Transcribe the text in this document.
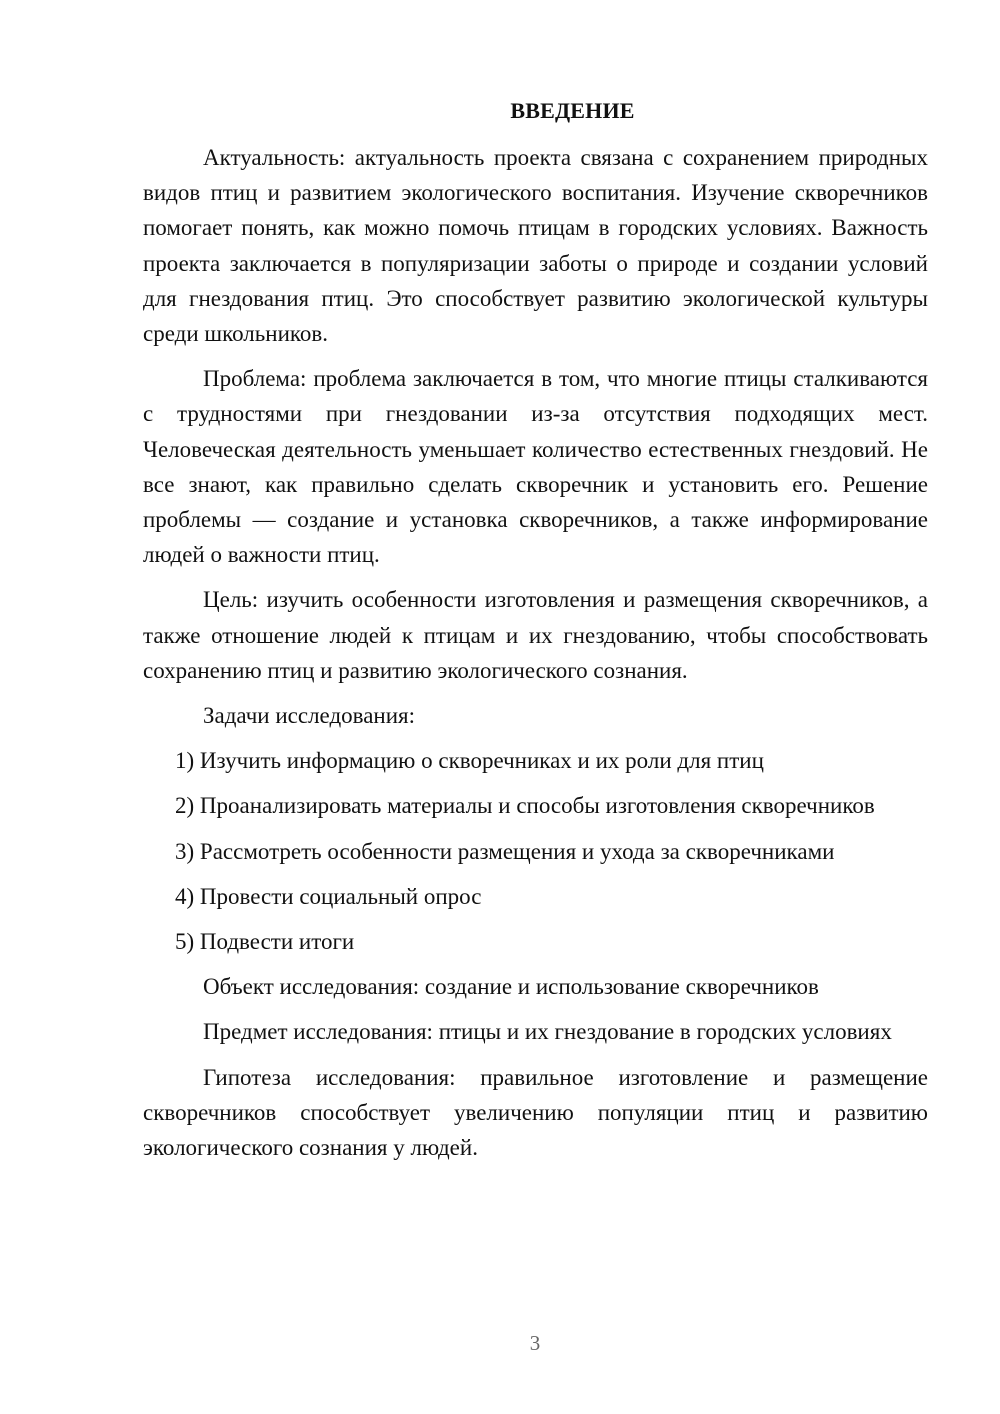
ВВЕДЕНИЕ

Актуальность: актуальность проекта связана с сохранением природных видов птиц и развитием экологического воспитания. Изучение скворечников помогает понять, как можно помочь птицам в городских условиях. Важность проекта заключается в популяризации заботы о природе и создании условий для гнездования птиц. Это способствует развитию экологической культуры среди школьников.

Проблема: проблема заключается в том, что многие птицы сталкиваются с трудностями при гнездовании из-за отсутствия подходящих мест. Человеческая деятельность уменьшает количество естественных гнездовий. Не все знают, как правильно сделать скворечник и установить его. Решение проблемы — создание и установка скворечников, а также информирование людей о важности птиц.

Цель: изучить особенности изготовления и размещения скворечников, а также отношение людей к птицам и их гнездованию, чтобы способствовать сохранению птиц и развитию экологического сознания.

Задачи исследования:

1) Изучить информацию о скворечниках и их роли для птиц

2) Проанализировать материалы и способы изготовления скворечников

3) Рассмотреть особенности размещения и ухода за скворечниками

4) Провести социальный опрос

5) Подвести итоги

Объект исследования: создание и использование скворечников

Предмет исследования: птицы и их гнездование в городских условиях

Гипотеза исследования: правильное изготовление и размещение скворечников способствует увеличению популяции птиц и развитию экологического сознания у людей.

3
